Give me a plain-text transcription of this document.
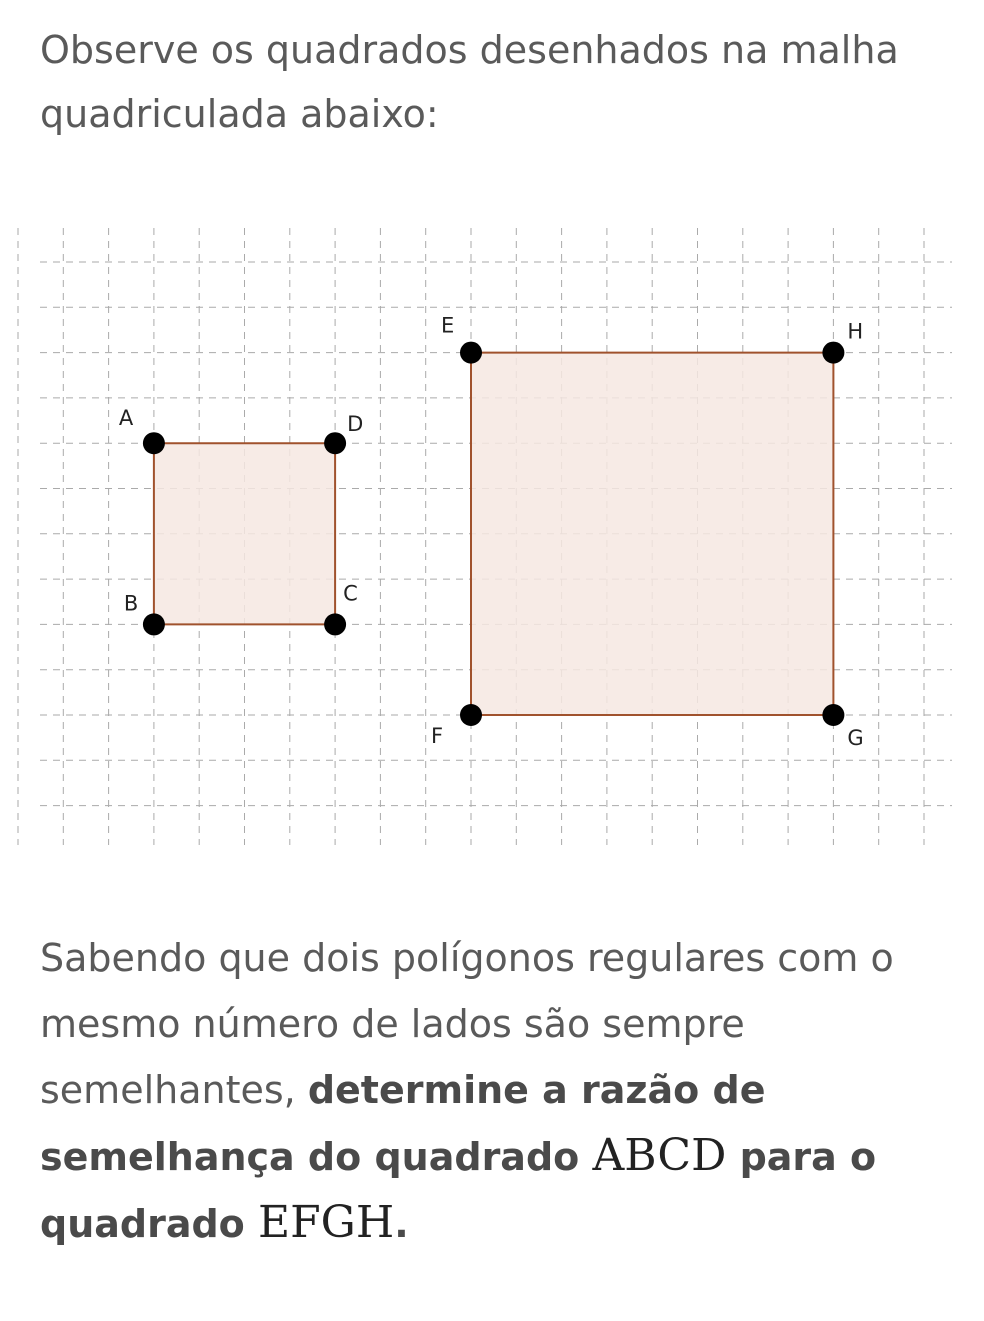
Observe os quadrados desenhados na malha quadriculada abaixo:

A
B	C
D
E
F	G
H

Sabendo que dois polígonos regulares com o mesmo número de lados são sempre semelhantes, determine a razão de semelhança do quadrado ABCD para o quadrado EFGH.
